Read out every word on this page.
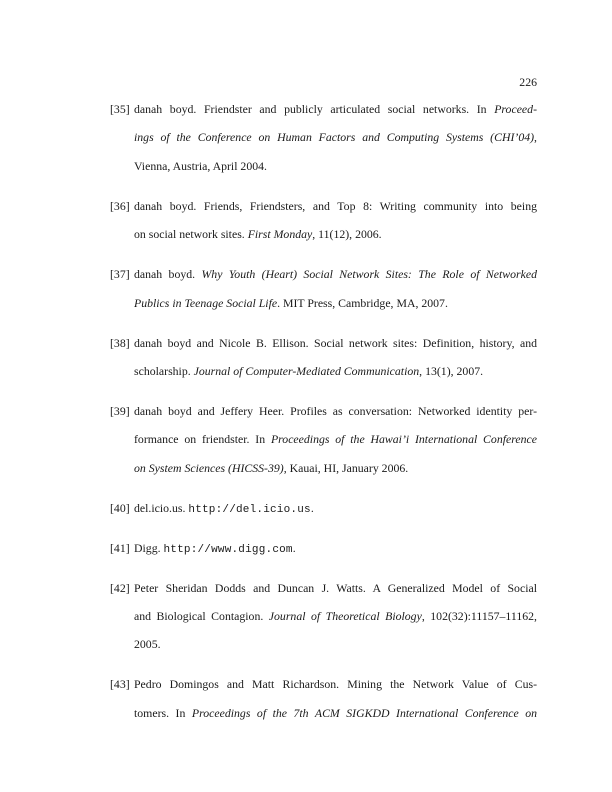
226
[35] danah boyd. Friendster and publicly articulated social networks. In Proceed-
ings of the Conference on Human Factors and Computing Systems (CHI’04),
Vienna, Austria, April 2004.
[36] danah boyd. Friends, Friendsters, and Top 8: Writing community into being
on social network sites. First Monday, 11(12), 2006.
[37] danah boyd. Why Youth (Heart) Social Network Sites: The Role of Networked
Publics in Teenage Social Life. MIT Press, Cambridge, MA, 2007.
[38] danah boyd and Nicole B. Ellison. Social network sites: Definition, history, and
scholarship. Journal of Computer-Mediated Communication, 13(1), 2007.
[39] danah boyd and Jeffery Heer. Profiles as conversation: Networked identity per-
formance on friendster. In Proceedings of the Hawai’i International Conference
on System Sciences (HICSS-39), Kauai, HI, January 2006.
[40] del.icio.us. http://del.icio.us.
[41] Digg. http://www.digg.com.
[42] Peter Sheridan Dodds and Duncan J. Watts. A Generalized Model of Social
and Biological Contagion. Journal of Theoretical Biology, 102(32):11157–11162,
2005.
[43] Pedro Domingos and Matt Richardson. Mining the Network Value of Cus-
tomers. In Proceedings of the 7th ACM SIGKDD International Conference on
